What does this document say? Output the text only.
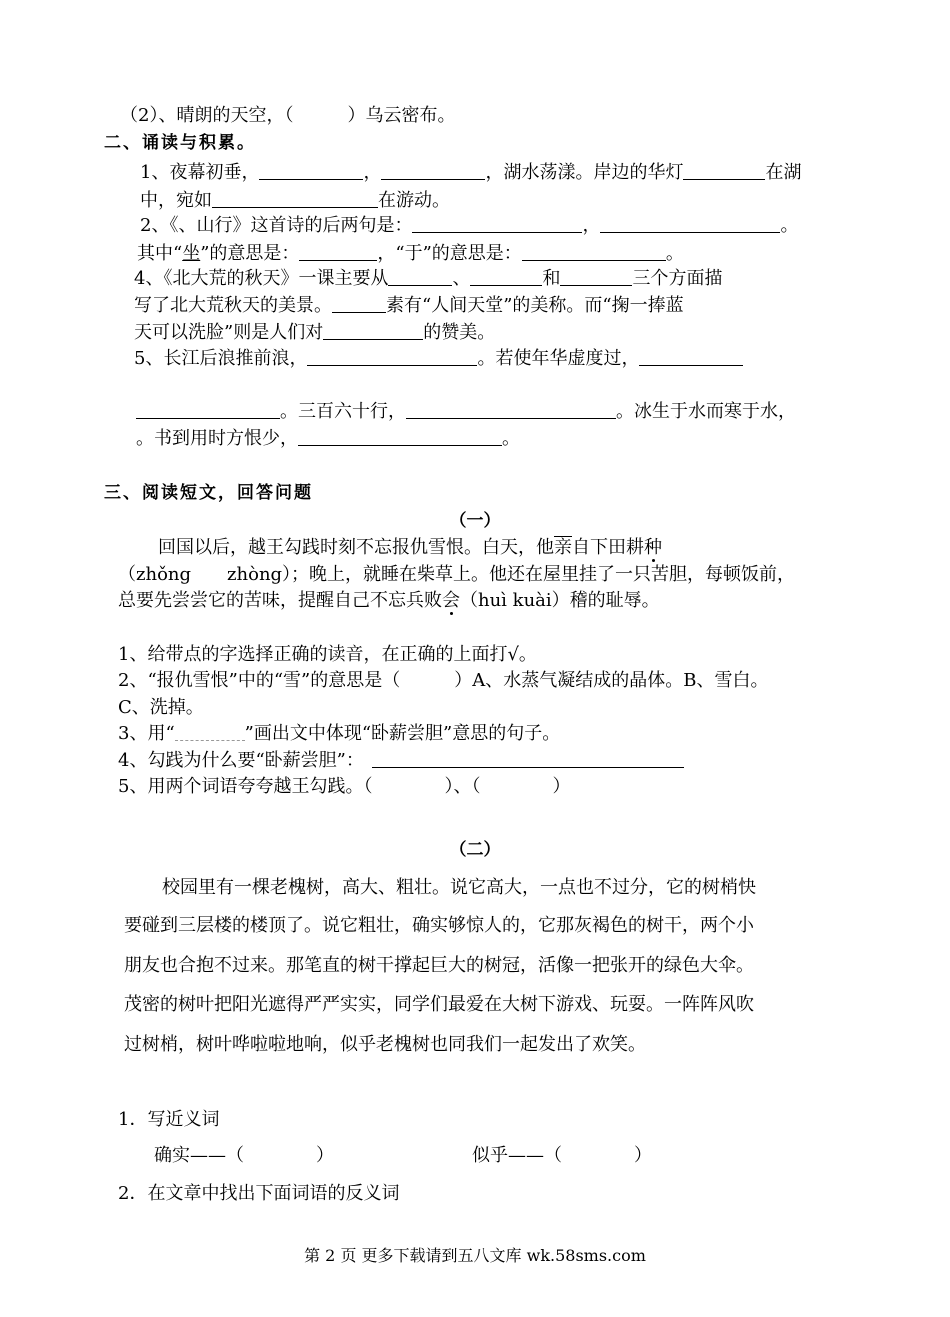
（2）、晴朗的天空，（　　　）乌云密布。
二、诵读与积累。
1、夜幕初垂，	，	，湖水荡漾。岸边的华灯	在湖
中，宛如	在游动。
2、《、山行》这首诗的后两句是：	，	。
其中“坐”的意思是：	，“于”的意思是：	。
4、《北大荒的秋天》一课主要从	、	和	三个方面描
写了北大荒秋天的美景。	素有“人间天堂”的美称。而“掬一捧蓝
天可以洗脸”则是人们对	的赞美。
5、长江后浪推前浪，	。若使年华虚度过，
。三百六十行，	。冰生于水而寒于水，
。书到用时方恨少，	。
三、阅读短文，回答问题
（一）
回国以后，越王勾践时刻不忘报仇雪恨。白天，他亲自下田耕种
（zhǒng　　zhòng）；晚上，就睡在柴草上。他还在屋里挂了一只苦胆，每顿饭前，
总要先尝尝它的苦味，提醒自己不忘兵败会（huì kuài）稽的耻辱。
1、给带点的字选择正确的读音，在正确的上面打√。
2、“报仇雪恨”中的“雪”的意思是（　　　）A、水蒸气凝结成的晶体。B、雪白。
C、洗掉。
3、用“	”画出文中体现“卧薪尝胆”意思的句子。
4、勾践为什么要“卧薪尝胆”：
5、用两个词语夸夸越王勾践。（　　　　）、（　　　　）
（二）
校园里有一棵老槐树，高大、粗壮。说它高大，一点也不过分，它的树梢快
要碰到三层楼的楼顶了。说它粗壮，确实够惊人的，它那灰褐色的树干，两个小
朋友也合抱不过来。那笔直的树干撑起巨大的树冠，活像一把张开的绿色大伞。
茂密的树叶把阳光遮得严严实实，同学们最爱在大树下游戏、玩耍。一阵阵风吹
过树梢，树叶哗啦啦地响，似乎老槐树也同我们一起发出了欢笑。
1．写近义词
确实——（　　　　）	似乎——（　　　　）
2．在文章中找出下面词语的反义词
第 2 页 更多下载请到五八文库 wk.58sms.com
